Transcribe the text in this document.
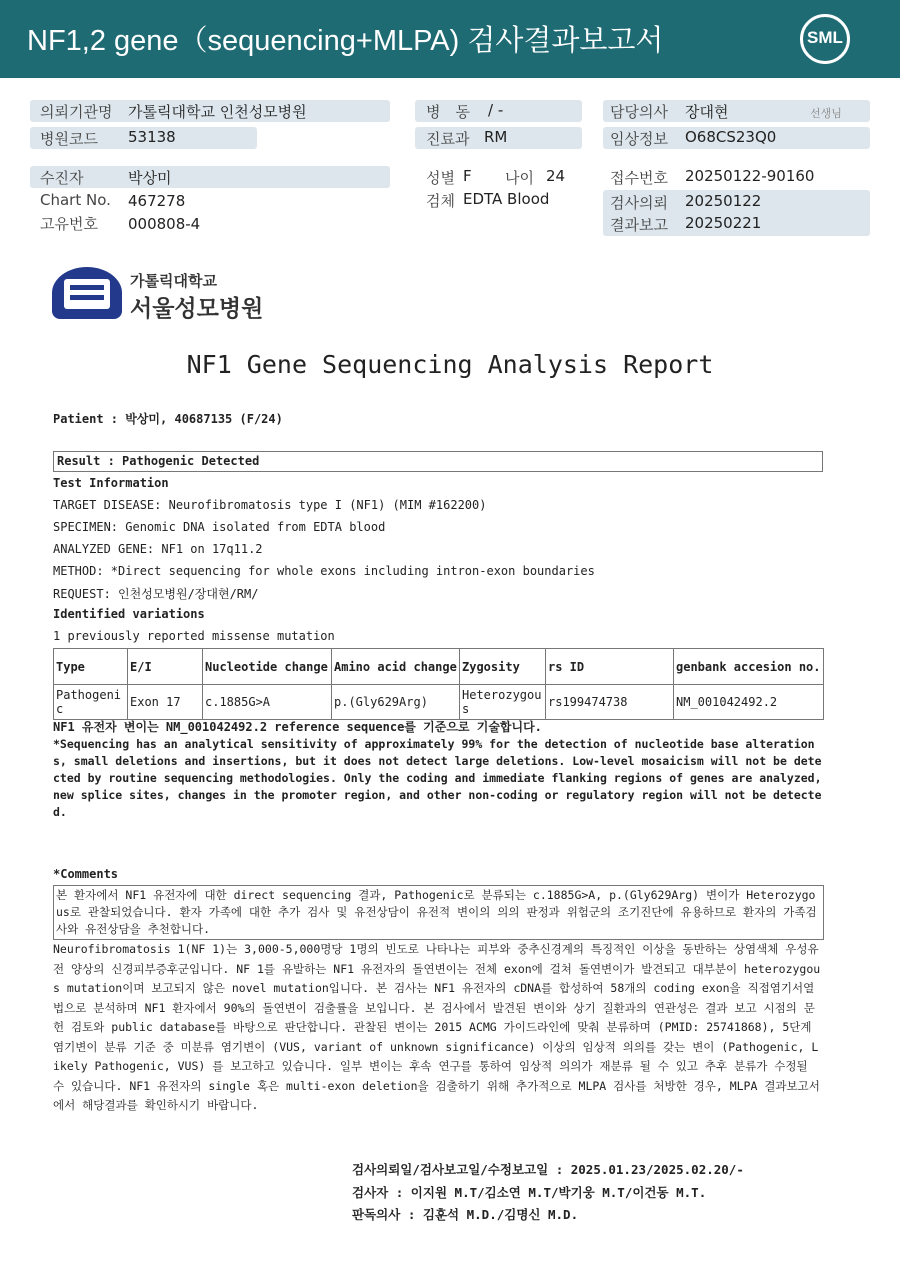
NF1,2 gene（sequencing+MLPA) 검사결과보고서	SML
의뢰기관명 가톨릭대학교 인천성모병원
병원코드 53138
병　동 / -
진료과 RM
담당의사 장대현	선생님
임상정보 O68CS23Q0
수진자	박상미
Chart No. 467278
고유번호 000808-4
성별 F 나이 24
검체 EDTA Blood
접수번호 20250122-90160
검사의뢰 20250122
결과보고 20250221
가톨릭대학교
서울성모병원
NF1 Gene Sequencing Analysis Report
Patient : 박상미, 40687135 (F/24)
Result : Pathogenic Detected
Test Information
TARGET DISEASE: Neurofibromatosis type I (NF1) (MIM #162200)
SPECIMEN: Genomic DNA isolated from EDTA blood
ANALYZED GENE: NF1 on 17q11.2
METHOD: *Direct sequencing for whole exons including intron-exon boundaries
REQUEST: 인천성모병원/장대현/RM/
Identified variations
1 previously reported missense mutation
Type	E/I	Nucleotide change	Amino acid change	Zygosity	rs ID	genbank accesion no.
Pathogenic	Exon 17	c.1885G>A	p.(Gly629Arg)	Heterozygous	rs199474738	NM_001042492.2
NF1 유전자 변이는 NM_001042492.2 reference sequence를 기준으로 기술합니다.
*Sequencing has an analytical sensitivity of approximately 99% for the detection of nucleotide base alterations, small deletions and insertions, but it does not detect large deletions. Low-level mosaicism will not be detected by routine sequencing methodologies. Only the coding and immediate flanking regions of genes are analyzed, new splice sites, changes in the promoter region, and other non-coding or regulatory region will not be detected.
*Comments
본 환자에서 NF1 유전자에 대한 direct sequencing 결과, Pathogenic로 분류되는 c.1885G>A, p.(Gly629Arg) 변이가 Heterozygous로 관찰되었습니다. 환자 가족에 대한 추가 검사 및 유전상담이 유전적 변이의 의의 판정과 위험군의 조기진단에 유용하므로 환자의 가족검사와 유전상담을 추천합니다.
Neurofibromatosis 1(NF 1)는 3,000-5,000명당 1명의 빈도로 나타나는 피부와 중추신경계의 특징적인 이상을 동반하는 상염색체 우성유전 양상의 신경피부증후군입니다. NF 1를 유발하는 NF1 유전자의 돌연변이는 전체 exon에 걸쳐 돌연변이가 발견되고 대부분이 heterozygous mutation이며 보고되지 않은 novel mutation입니다. 본 검사는 NF1 유전자의 cDNA를 합성하여 58개의 coding exon을 직접염기서열법으로 분석하며 NF1 환자에서 90%의 돌연변이 검출률을 보입니다. 본 검사에서 발견된 변이와 상기 질환과의 연관성은 결과 보고 시점의 문헌 검토와 public database를 바탕으로 판단합니다. 관찰된 변이는 2015 ACMG 가이드라인에 맞춰 분류하며 (PMID: 25741868), 5단계 염기변이 분류 기준 중 미분류 염기변이 (VUS, variant of unknown significance) 이상의 임상적 의의를 갖는 변이 (Pathogenic, Likely Pathogenic, VUS) 를 보고하고 있습니다. 일부 변이는 후속 연구를 통하여 임상적 의의가 재분류 될 수 있고 추후 분류가 수정될 수 있습니다. NF1 유전자의 single 혹은 multi-exon deletion을 검출하기 위해 추가적으로 MLPA 검사를 처방한 경우, MLPA 결과보고서에서 해당결과를 확인하시기 바랍니다.
검사의뢰일/검사보고일/수정보고일 : 2025.01.23/2025.02.20/-
검사자 : 이지원 M.T/김소연 M.T/박기웅 M.T/이건동 M.T.
판독의사 : 김훈석 M.D./김명신 M.D.
